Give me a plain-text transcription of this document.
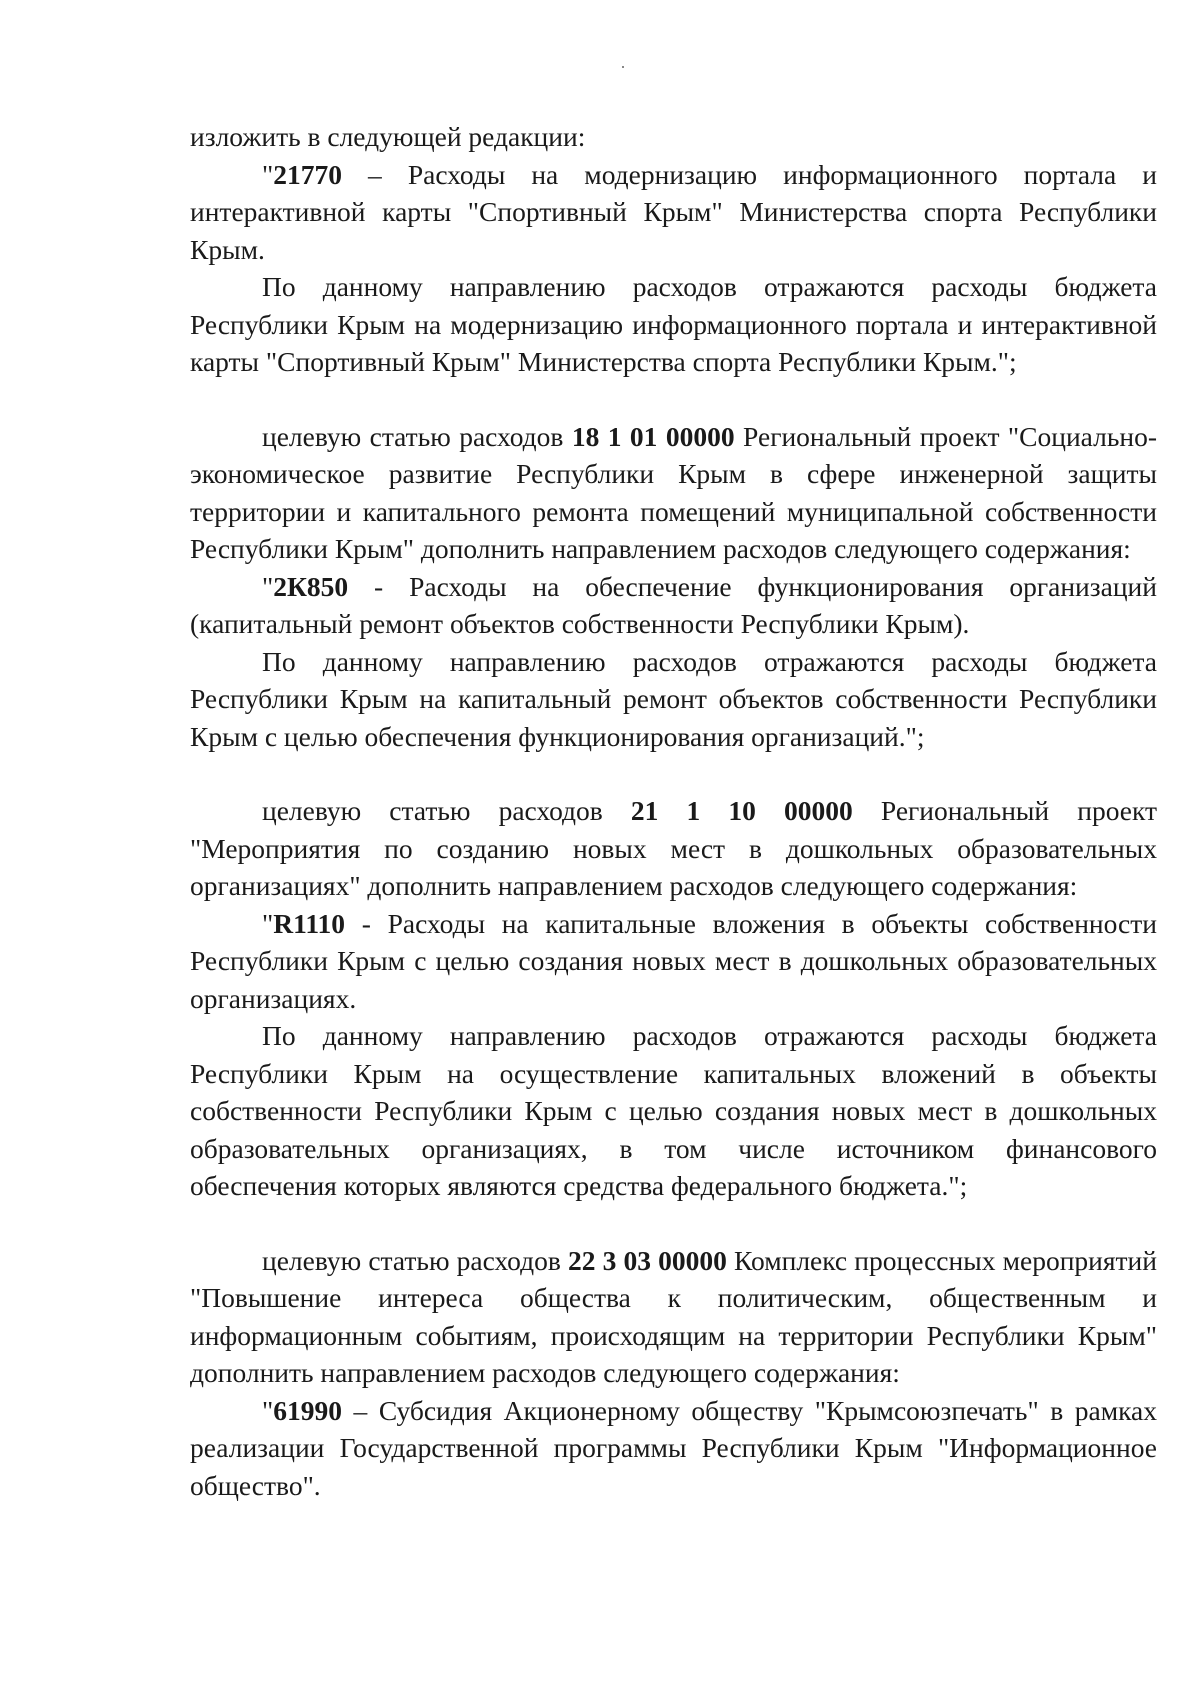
изложить в следующей редакции:

"21770 – Расходы на модернизацию информационного портала и интерактивной карты "Спортивный Крым" Министерства спорта Республики Крым.

По данному направлению расходов отражаются расходы бюджета Республики Крым на модернизацию информационного портала и интерактивной карты "Спортивный Крым" Министерства спорта Республики Крым.";

целевую статью расходов 18 1 01 00000 Региональный проект "Социально-экономическое развитие Республики Крым в сфере инженерной защиты территории и капитального ремонта помещений муниципальной собственности Республики Крым" дополнить направлением расходов следующего содержания:

"2К850 - Расходы на обеспечение функционирования организаций (капитальный ремонт объектов собственности Республики Крым).

По данному направлению расходов отражаются расходы бюджета Республики Крым на капитальный ремонт объектов собственности Республики Крым с целью обеспечения функционирования организаций.";

целевую статью расходов 21 1 10 00000 Региональный проект "Мероприятия по созданию новых мест в дошкольных образовательных организациях" дополнить направлением расходов следующего содержания:

"R1110 - Расходы на капитальные вложения в объекты собственности Республики Крым с целью создания новых мест в дошкольных образовательных организациях.

По данному направлению расходов отражаются расходы бюджета Республики Крым на осуществление капитальных вложений в объекты собственности Республики Крым с целью создания новых мест в дошкольных образовательных организациях, в том числе источником финансового обеспечения которых являются средства федерального бюджета.";

целевую статью расходов 22 3 03 00000 Комплекс процессных мероприятий "Повышение интереса общества к политическим, общественным и информационным событиям, происходящим на территории Республики Крым" дополнить направлением расходов следующего содержания:

"61990 – Субсидия Акционерному обществу "Крымсоюзпечать" в рамках реализации Государственной программы Республики Крым "Информационное общество".
